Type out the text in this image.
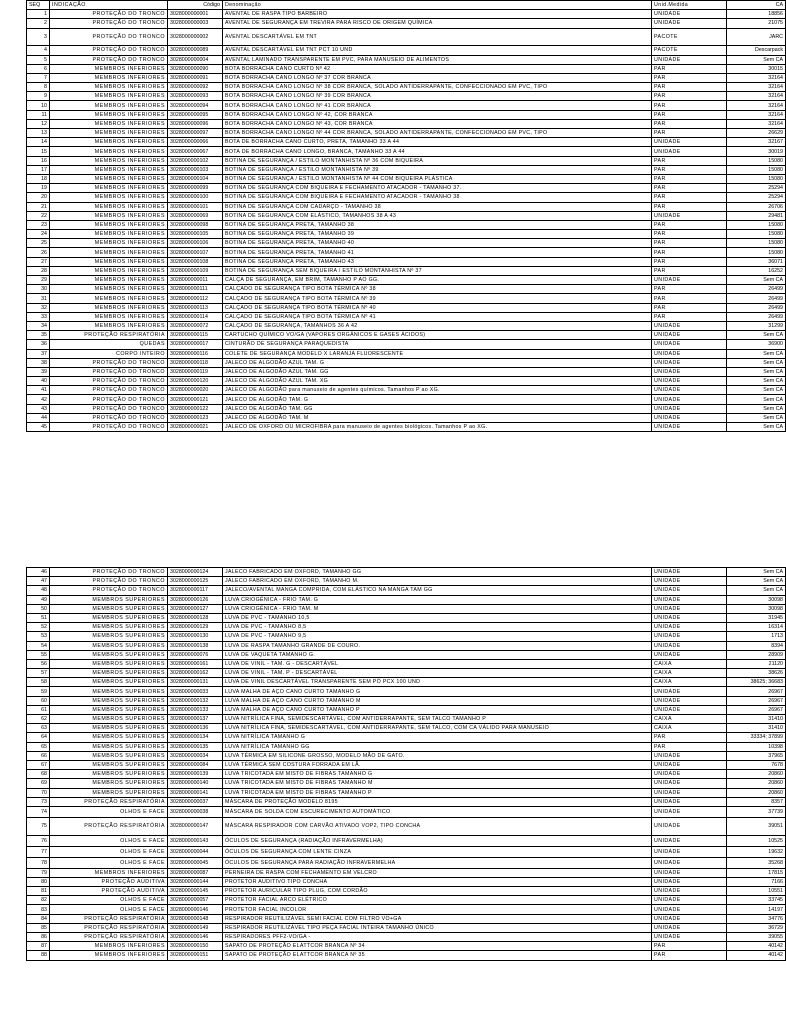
SEQ	INDICAÇÃO	Código	Denominação	Unid.Medida	CA
1	PROTEÇÃO DO TRONCO	3028000000001	AVENTAL DE RASPA TIPO BARBEIRO	UNIDADE	18856
2	PROTEÇÃO DO TRONCO	3028000000003	AVENTAL DE SEGURANÇA EM TREVIRA PARA RISCO DE ORIGEM QUÍMICA	UNIDADE	21075
3	PROTEÇÃO DO TRONCO	3028000000002	AVENTAL DESCARTÁVEL EM TNT	PACOTE	JARC
4	PROTEÇÃO DO TRONCO	3028000000089	AVENTAL DESCARTÁVEL EM TNT PCT 10 UND	PACOTE	Descarpack
5	PROTEÇÃO DO TRONCO	3028000000004	AVENTAL LAMINADO TRANSPARENTE EM PVC, PARA MANUSEIO DE ALIMENTOS	UNIDADE	Sem CA
6	MEMBROS INFERIORES	3028000000090	BOTA BORRACHA CANO CURTO Nº 42	PAR	30015
7	MEMBROS INFERIORES	3028000000091	BOTA BORRACHA CANO LONGO Nº 37 COR BRANCA	PAR	32164
8	MEMBROS INFERIORES	3028000000092	BOTA BORRACHA CANO LONGO Nº 38 COR BRANCA, SOLADO ANTIDERRAPANTE, CONFECCIONADO EM PVC, TIPO	PAR	32164
9	MEMBROS INFERIORES	3028000000093	BOTA BORRACHA CANO LONGO Nº 39 COR BRANCA	PAR	32164
10	MEMBROS INFERIORES	3028000000094	BOTA BORRACHA CANO LONGO Nº 41 COR BRANCA	PAR	32164
11	MEMBROS INFERIORES	3028000000095	BOTA BORRACHA CANO LONGO Nº 42, COR BRANCA	PAR	32164
12	MEMBROS INFERIORES	3028000000096	BOTA BORRACHA CANO LONGO Nº 43, COR BRANCA	PAR	32164
13	MEMBROS INFERIORES	3028000000097	BOTA BORRACHA CANO LONGO Nº 44 COR BRANCA, SOLADO ANTIDERRAPANTE, CONFECCIONADO EM PVC, TIPO	PAR	26629
14	MEMBROS INFERIORES	3028000000066	BOTA DE BORRACHA CANO CURTO, PRETA, TAMANHO 33 A 44	UNIDADE	32167
15	MEMBROS INFERIORES	3028000000067	BOTA DE BORRACHA CANO LONGO, BRANCA, TAMANHO 33 A 44	UNIDADE	30019
16	MEMBROS INFERIORES	3028000000102	BOTINA DE SEGURANÇA / ESTILO MONTANHISTA Nº 36 COM BIQUEIRA	PAR	15080
17	MEMBROS INFERIORES	3028000000103	BOTINA DE SEGURANÇA / ESTILO MONTANHISTA Nº 39	PAR	15080
18	MEMBROS INFERIORES	3028000000104	BOTINA DE SEGURANÇA / ESTILO MONTANHISTA Nº 44 COM BIQUEIRA PLÁSTICA	PAR	15080
19	MEMBROS INFERIORES	3028000000099	BOTINA DE SEGURANÇA COM BIQUEIRA E FECHAMENTO ATACADOR - TAMANHO 37.	PAR	25294
20	MEMBROS INFERIORES	3028000000100	BOTINA DE SEGURANÇA COM BIQUEIRA E FECHAMENTO ATACADOR - TAMANHO 38	PAR	25294
21	MEMBROS INFERIORES	3028000000101	BOTINA DE SEGURANÇA COM CADARÇO - TAMANHO 38	PAR	26706
22	MEMBROS INFERIORES	3028000000069	BOTINA DE SEGURANÇA COM ELÁSTICO, TAMANHOS 38 A 43	UNIDADE	29481
23	MEMBROS INFERIORES	3028000000098	BOTINA DE SEGURANÇA PRETA, TAMANHO 38	PAR	15080
24	MEMBROS INFERIORES	3028000000105	BOTINA DE SEGURANÇA PRETA, TAMANHO 39	PAR	15080
25	MEMBROS INFERIORES	3028000000106	BOTINA DE SEGURANÇA PRETA, TAMANHO 40	PAR	15080
26	MEMBROS INFERIORES	3028000000107	BOTINA DE SEGURANÇA PRETA, TAMANHO 41	PAR	15080
27	MEMBROS INFERIORES	3028000000108	BOTINA DE SEGURANÇA PRETA, TAMANHO 43	PAR	36071
28	MEMBROS INFERIORES	3028000000109	BOTINA DE SEGURANÇA SEM BIQUEIRA / ESTILO MONTANHISTA Nº 37	PAR	16252
29	MEMBROS INFERIORES	3028000000011	CALÇA DE SEGURANÇA, EM BRIM, TAMANHO P AO GG.	UNIDADE	Sem CA
30	MEMBROS INFERIORES	3028000000111	CALÇADO DE SEGURANÇA TIPO BOTA TÉRMICA Nº 38	PAR	26499
31	MEMBROS INFERIORES	3028000000112	CALÇADO DE SEGURANÇA TIPO BOTA TÉRMICA Nº 39	PAR	26499
32	MEMBROS INFERIORES	3028000000113	CALÇADO DE SEGURANÇA TIPO BOTA TÉRMICA Nº 40	PAR	26499
33	MEMBROS INFERIORES	3028000000114	CALÇADO DE SEGURANÇA TIPO BOTA TÉRMICA Nº 41	PAR	26499
34	MEMBROS INFERIORES	3028000000072	CALÇADO DE SEGURANÇA, TAMANHOS 36 A 42	UNIDADE	31299
35	PROTEÇÃO RESPIRATÓRIA	3028000000115	CARTUCHO QUÍMICO VO/GA (VAPORES ORGÂNICOS E GASES ÁCIDOS)	UNIDADE	Sem CA
36	QUEDAS	3028000000017	CINTURÃO DE SEGURANÇA PARAQUEDISTA	UNIDADE	36900
37	CORPO INTEIRO	3028000000116	COLETE DE SEGURANÇA MODELO X LARANJA FLUORESCENTE	UNIDADE	Sem CA
38	PROTEÇÃO DO TRONCO	3028000000118	JALECO DE ALGODÃO AZUL TAM. G	UNIDADE	Sem CA
39	PROTEÇÃO DO TRONCO	3028000000119	JALECO DE ALGODÃO AZUL TAM. GG	UNIDADE	Sem CA
40	PROTEÇÃO DO TRONCO	3028000000120	JALECO DE ALGODÃO AZUL TAM. XG	UNIDADE	Sem CA
41	PROTEÇÃO DO TRONCO	3028000000020	JALECO DE ALGODÃO para manuseio de agentes químicos. Tamanhos P ao XG.	UNIDADE	Sem CA
42	PROTEÇÃO DO TRONCO	3028000000121	JALECO DE ALGODÃO TAM. G	UNIDADE	Sem CA
43	PROTEÇÃO DO TRONCO	3028000000122	JALECO DE ALGODÃO TAM. GG	UNIDADE	Sem CA
44	PROTEÇÃO DO TRONCO	3028000000123	JALECO DE ALGODÃO TAM. M	UNIDADE	Sem CA
45	PROTEÇÃO DO TRONCO	3028000000021	JALECO DE OXFORD OU MICROFIBRA para manuseio de agentes biológicos. Tamanhos P ao XG.	UNIDADE	Sem CA
46	PROTEÇÃO DO TRONCO	3028000000124	JALECO FABRICADO EM OXFORD, TAMANHO GG	UNIDADE	Sem CA
47	PROTEÇÃO DO TRONCO	3028000000125	JALECO FABRICADO EM OXFORD, TAMANHO M.	UNIDADE	Sem CA
48	PROTEÇÃO DO TRONCO	3028000000117	JALECO/AVENTAL MANGA COMPRIDA, COM ELÁSTICO NA MANGA TAM GG	UNIDADE	Sem CA
49	MEMBROS SUPERIORES	3028000000126	LUVA CRIOGÊNICA - FRIO TAM. G	UNIDADE	30098
50	MEMBROS SUPERIORES	3028000000127	LUVA CRIOGÊNICA - FRIO TAM. M	UNIDADE	30098
51	MEMBROS SUPERIORES	3028000000128	LUVA DE PVC - TAMANHO 10,5	UNIDADE	31945
52	MEMBROS SUPERIORES	3028000000129	LUVA DE PVC - TAMANHO 8,5	UNIDADE	16314
53	MEMBROS SUPERIORES	3028000000130	LUVA DE PVC - TAMANHO 9,5	UNIDADE	1713
54	MEMBROS SUPERIORES	3028000000138	LUVA DE RASPA TAMANHO GRANDE DE COURO.	UNIDADE	8394
55	MEMBROS SUPERIORES	3028000000076	LUVA DE VAQUETA TAMANHO G.	UNIDADE	28909
56	MEMBROS SUPERIORES	3028000000161	LUVA DE VINIL - TAM. G - DESCARTÁVEL	CAIXA	21120
57	MEMBROS SUPERIORES	3028000000162	LUVA DE VINIL - TAM. P - DESCARTÁVEL	CAIXA	38626
58	MEMBROS SUPERIORES	3028000000131	LUVA DE VINIL DESCARTÁVEL TRANSPARENTE SEM PÓ PCX 100 UND	CAIXA	38625; 36683
59	MEMBROS SUPERIORES	3028000000033	LUVA MALHA DE AÇO CANO CURTO TAMANHO G	UNIDADE	26967
60	MEMBROS SUPERIORES	3028000000132	LUVA MALHA DE AÇO CANO CURTO TAMANHO M	UNIDADE	26967
61	MEMBROS SUPERIORES	3028000000133	LUVA MALHA DE AÇO CANO CURTO TAMANHO P	UNIDADE	26967
62	MEMBROS SUPERIORES	3028000000137	LUVA NITRÍLICA FINA, SEMIDESCARTÁVEL, COM ANTIDERRAPANTE, SEM TALCO TAMANHO P	CAIXA	31410
63	MEMBROS SUPERIORES	3028000000136	LUVA NITRÍLICA FINA, SEMIDESCARTÁVEL, COM ANTIDERRAPANTE, SEM TALCO, COM CA VÁLIDO PARA MANUSEIO	CAIXA	31410
64	MEMBROS SUPERIORES	3028000000134	LUVA NITRÍLICA TAMANHO G	PAR	33334; 37899
65	MEMBROS SUPERIORES	3028000000135	LUVA NITRÍLICA TAMANHO GG	PAR	10398
66	MEMBROS SUPERIORES	3028000000034	LUVA TÉRMICA EM SILICONE GROSSO, MODELO MÃO DE GATO.	UNIDADE	37965
67	MEMBROS SUPERIORES	3028000000084	LUVA TÉRMICA SEM COSTURA FORRADA EM LÃ.	UNIDADE	7678
68	MEMBROS SUPERIORES	3028000000139	LUVA TRICOTADA EM MISTO DE FIBRAS TAMANHO G	UNIDADE	20860
69	MEMBROS SUPERIORES	3028000000140	LUVA TRICOTADA EM MISTO DE FIBRAS TAMANHO M	UNIDADE	20860
70	MEMBROS SUPERIORES	3028000000141	LUVA TRICOTADA EM MISTO DE FIBRAS TAMANHO P	UNIDADE	20860
73	PROTEÇÃO RESPIRATÓRIA	3028000000037	MÁSCARA DE PROTEÇÃO MODELO 8195	UNIDADE	8357
74	OLHOS E FACE	3028000000038	MÁSCARA DE SOLDA COM ESCURECIMENTO AUTOMÁTICO	UNIDADE	37739
75	PROTEÇÃO RESPIRATÓRIA	3028000000147	MÁSCARA RESPIRADOR COM CARVÃO ATIVADO VOP2, TIPO CONCHA	UNIDADE	39051
76	OLHOS E FACE	3028000000143	ÓCULOS DE SEGURANÇA (RADIAÇÃO INFRAVERMELHA)	UNIDADE	10525
77	OLHOS E FACE	3028000000044	ÓCULOS DE SEGURANÇA COM LENTE CINZA	UNIDADE	19632
78	OLHOS E FACE	3028000000045	ÓCULOS DE SEGURANÇA PARA RADIAÇÃO INFRAVERMELHA	UNIDADE	35268
79	MEMBROS INFERIORES	3028000000087	PERNEIRA DE RASPA COM FECHAMENTO EM VELCRO	UNIDADE	17815
80	PROTEÇÃO AUDITIVA	3028000000144	PROTETOR AUDITIVO TIPO CONCHA	UNIDADE	7166
81	PROTEÇÃO AUDITIVA	3028000000145	PROTETOR AURICULAR TIPO PLUG, COM CORDÃO	UNIDADE	10551
82	OLHOS E FACE	3028000000057	PROTETOR FACIAL ARCO ELÉTRICO	UNIDADE	33745
83	OLHOS E FACE	3028000000146	PROTETOR FACIAL INCOLOR	UNIDADE	14197
84	PROTEÇÃO RESPIRATÓRIA	3028000000148	RESPIRADOR REUTILIZÁVEL SEMI FACIAL COM FILTRO VO+GA	UNIDADE	34776
85	PROTEÇÃO RESPIRATÓRIA	3028000000149	RESPIRADOR REUTILIZÁVEL TIPO PEÇA FACIAL INTEIRA TAMANHO ÚNICO	UNIDADE	36729
86	PROTEÇÃO RESPIRATÓRIA	3028000000146	RESPIRADORES PFF2-VO/GA -	UNIDADE	39055
87	MEMBROS INFERIORES	3028000000150	SAPATO DE PROTEÇÃO ELATTCOR BRANCA Nº 34	PAR	40142
88	MEMBROS INFERIORES	3028000000151	SAPATO DE PROTEÇÃO ELATTCOR BRANCA Nº 35	PAR	40142
